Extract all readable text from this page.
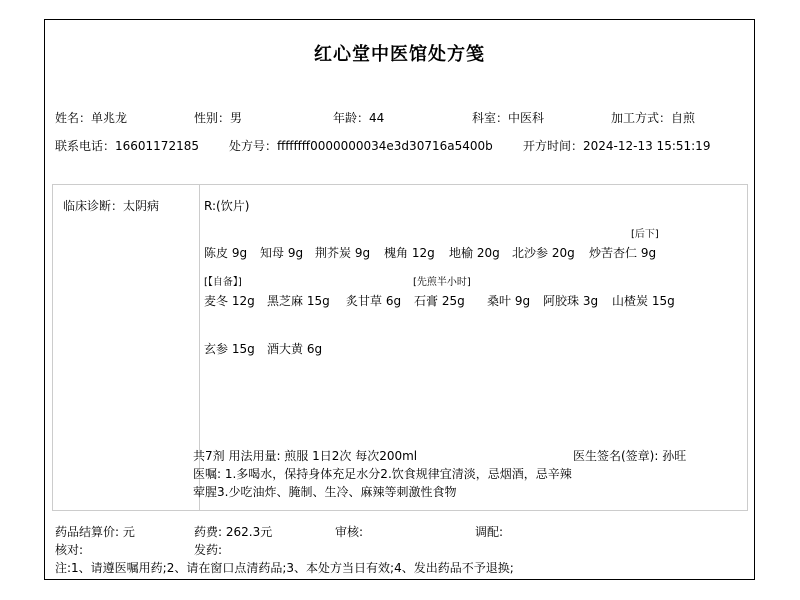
红心堂中医馆处方笺
姓名：单兆龙	性别：男	年龄：44	科室：中医科	加工方式：自煎
联系电话：16601172185	处方号：ffffffff0000000034e3d30716a5400b	开方时间：2024-12-13 15:51:19
临床诊断：太阴病	R:(饮片)
[后下]
陈皮 9g 知母 9g 荆芥炭 9g 槐角 12g 地榆 20g 北沙参 20g 炒苦杏仁 9g
[【自备】]	[先煎半小时]
麦冬 12g 黑芝麻 15g 炙甘草 6g 石膏 25g 桑叶 9g 阿胶珠 3g 山楂炭 15g
玄参 15g 酒大黄 6g
共7剂 用法用量: 煎服 1日2次 每次200ml	医生签名(签章): 孙旺
医嘱: 1.多喝水，保持身体充足水分2.饮食规律宜清淡，忌烟酒，忌辛辣荤腥3.少吃油炸、腌制、生冷、麻辣等刺激性食物
药品结算价: 元	药费: 262.3元	审核:	调配:
核对:	发药:
注:1、请遵医嘱用药;2、请在窗口点清药品;3、本处方当日有效;4、发出药品不予退换;
